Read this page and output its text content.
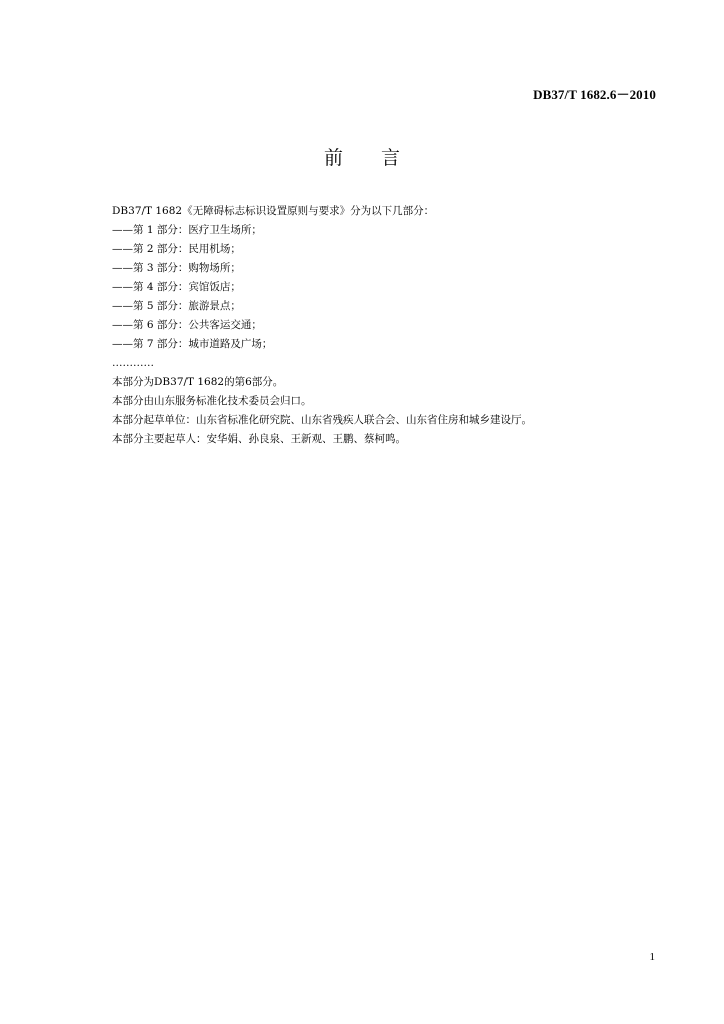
DB37/T 1682.6－2010
前　　言
DB37/T 1682《无障碍标志标识设置原则与要求》分为以下几部分：
——第 1 部分：医疗卫生场所；
——第 2 部分：民用机场；
——第 3 部分：购物场所；
——第 4 部分：宾馆饭店；
——第 5 部分：旅游景点；
——第 6 部分：公共客运交通；
——第 7 部分：城市道路及广场；
…………
本部分为DB37/T 1682的第6部分。
本部分由山东服务标准化技术委员会归口。
本部分起草单位：山东省标准化研究院、山东省残疾人联合会、山东省住房和城乡建设厅。
本部分主要起草人：安华娟、孙良泉、王新观、王鹏、蔡柯鸣。
1
